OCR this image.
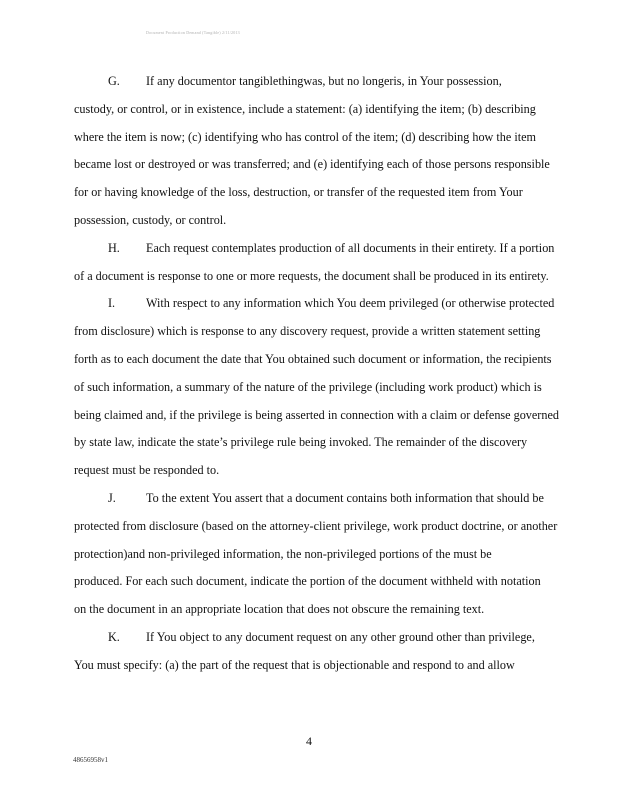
Document Production Demand (Tangible) 2/11/2013
G. If any documentor tangiblethingwas, but no longeris, in Your possession,
custody, or control, or in existence, include a statement: (a) identifying the item; (b) describing
where the item is now; (c) identifying who has control of the item; (d) describing how the item
became lost or destroyed or was transferred; and (e) identifying each of those persons responsible
for or having knowledge of the loss, destruction, or transfer of the requested item from Your
possession, custody, or control.
H. Each request contemplates production of all documents in their entirety. If a portion
of a document is response to one or more requests, the document shall be produced in its entirety.
I.	With respect to any information which You deem privileged (or otherwise protected
from disclosure) which is response to any discovery request, provide a written statement setting
forth as to each document the date that You obtained such document or information, the recipients
of such information, a summary of the nature of the privilege (including work product) which is
being claimed and, if the privilege is being asserted in connection with a claim or defense governed
by state law, indicate the state’s privilege rule being invoked. The remainder of the discovery
request must be responded to.
J. To the extent You assert that a document contains both information that should be
protected from disclosure (based on the attorney-client privilege, work product doctrine, or another
protection)and non-privileged information, the non-privileged portions of the must be
produced. For each such document, indicate the portion of the document withheld with notation
on the document in an appropriate location that does not obscure the remaining text.
K. If You object to any document request on any other ground other than privilege,
You must specify: (a) the part of the request that is objectionable and respond to and allow
4
48656958v1
